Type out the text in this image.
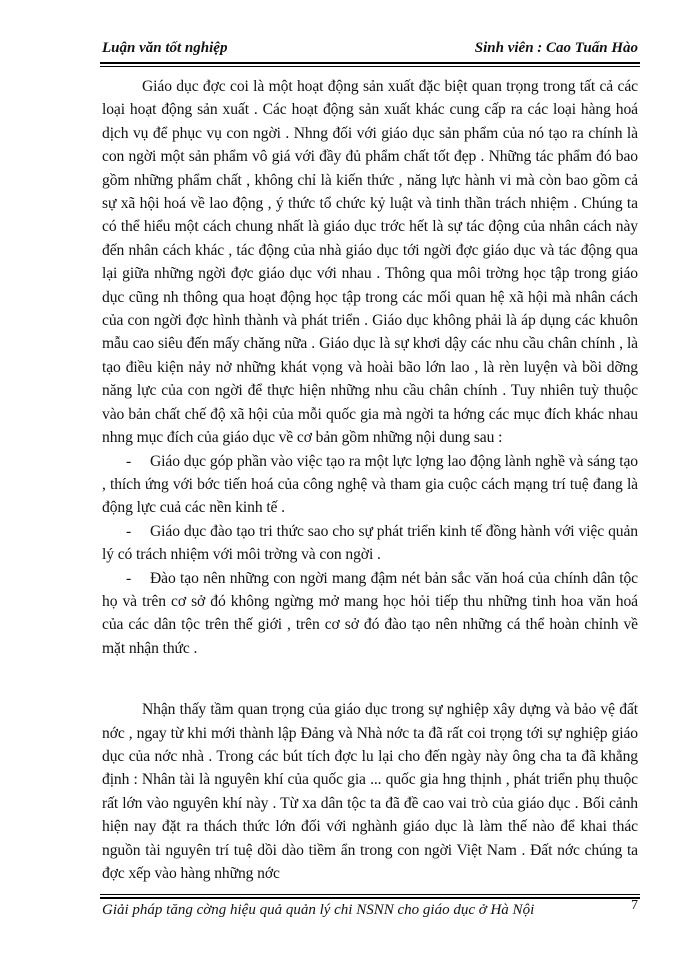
Luận văn tốt nghiệp	Sinh viên : Cao Tuấn Hào

Giáo dục đợc coi là một hoạt động sản xuất đặc biệt quan trọng trong tất cả các loại hoạt động sản xuất . Các hoạt động sản xuất khác cung cấp ra các loại hàng hoá dịch vụ để phục vụ con ngời . Nhng đối với giáo dục sản phẩm của nó tạo ra chính là con ngời một sản phẩm vô giá với đầy đủ phẩm chất tốt đẹp . Những tác phẩm đó bao gồm những phẩm chất , không chỉ là kiến thức , năng lực hành vi mà còn bao gồm cả sự xã hội hoá về lao động , ý thức tổ chức kỷ luật và tinh thần trách nhiệm . Chúng ta có thể hiểu một cách chung nhất là giáo dục trớc hết là sự tác động của nhân cách này đến nhân cách khác , tác động của nhà giáo dục tới ngời đợc giáo dục và tác động qua lại giữa những ngời đợc giáo dục với nhau . Thông qua môi trờng học tập trong giáo dục cũng nh thông qua hoạt động học tập trong các mối quan hệ xã hội mà nhân cách của con ngời đợc hình thành và phát triển . Giáo dục không phải là áp dụng các khuôn mẫu cao siêu đến mấy chăng nữa . Giáo dục là sự khơi dậy các nhu cầu chân chính , là tạo điều kiện nảy nở những khát vọng và hoài bão lớn lao , là rèn luyện và bồi dỡng năng lực của con ngời để thực hiện những nhu cầu chân chính . Tuy nhiên tuỳ thuộc vào bản chất chế độ xã hội của mỗi quốc gia mà ngời ta hớng các mục đích khác nhau nhng mục đích của giáo dục về cơ bản gồm những nội dung sau :

- Giáo dục góp phần vào việc tạo ra một lực lợng lao động lành nghề và sáng tạo , thích ứng với bớc tiến hoá của công nghệ và tham gia cuộc cách mạng trí tuệ đang là động lực cuả các nền kinh tế .

- Giáo dục đào tạo tri thức sao cho sự phát triển kinh tế đồng hành với việc quản lý có trách nhiệm với môi trờng và con ngời .

- Đào tạo nên những con ngời mang đậm nét bản sắc văn hoá của chính dân tộc họ và trên cơ sở đó không ngừng mở mang học hỏi tiếp thu những tinh hoa văn hoá của các dân tộc trên thế giới , trên cơ sở đó đào tạo nên những cá thể hoàn chỉnh về mặt nhận thức .

Nhận thấy tầm quan trọng của giáo dục trong sự nghiệp xây dựng và bảo vệ đất nớc , ngay từ khi mới thành lập Đảng và Nhà nớc ta đã rất coi trọng tới sự nghiệp giáo dục của nớc nhà . Trong các bút tích đợc lu lại cho đến ngày này ông cha ta đã khẳng định : Nhân tài là nguyên khí của quốc gia ... quốc gia hng thịnh , phát triển phụ thuộc rất lớn vào nguyên khí này . Từ xa dân tộc ta đã đề cao vai trò của giáo dục . Bối cảnh hiện nay đặt ra thách thức lớn đối với nghành giáo dục là làm thế nào để khai thác nguồn tài nguyên trí tuệ dồi dào tiềm ẩn trong con ngời Việt Nam . Đất nớc chúng ta đợc xếp vào hàng những nớc

Giải pháp tăng cờng hiệu quả quản lý chi NSNN cho giáo dục ở Hà Nội	7
